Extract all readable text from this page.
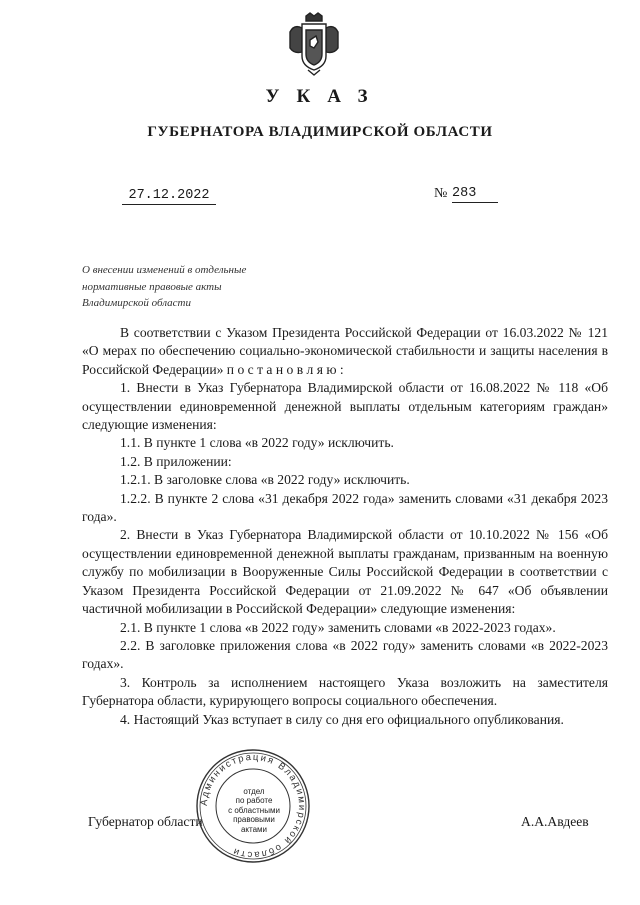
УКАЗ
ГУБЕРНАТОРА ВЛАДИМИРСКОЙ ОБЛАСТИ
27.12.2022	№ 283
О внесении изменений в отдельные
нормативные правовые акты
Владимирской области

В соответствии с Указом Президента Российской Федерации от 16.03.2022 № 121 «О мерах по обеспечению социально-экономической стабильности и защиты населения в Российской Федерации» п о с т а н о в л я ю :

1. Внести в Указ Губернатора Владимирской области от 16.08.2022 № 118 «Об осуществлении единовременной денежной выплаты отдельным категориям граждан» следующие изменения:

1.1. В пункте 1 слова «в 2022 году» исключить.

1.2. В приложении:

1.2.1. В заголовке слова «в 2022 году» исключить.

1.2.2. В пункте 2 слова «31 декабря 2022 года» заменить словами «31 декабря 2023 года».

2. Внести в Указ Губернатора Владимирской области от 10.10.2022 № 156 «Об осуществлении единовременной денежной выплаты гражданам, призванным на военную службу по мобилизации в Вооруженные Силы Российской Федерации в соответствии с Указом Президента Российской Федерации от 21.09.2022 № 647 «Об объявлении частичной мобилизации в Российской Федерации» следующие изменения:

2.1. В пункте 1 слова «в 2022 году» заменить словами «в 2022-2023 годах».

2.2. В заголовке приложения слова «в 2022 году» заменить словами «в 2022-2023 годах».

3. Контроль за исполнением настоящего Указа возложить на заместителя Губернатора области, курирующего вопросы социального обеспечения.

4. Настоящий Указ вступает в силу со дня его официального опубликования.

Губернатор области	А.А.Авдеев
Администрация Владимирской области
отдел
по работе
с областными
правовыми
актами
